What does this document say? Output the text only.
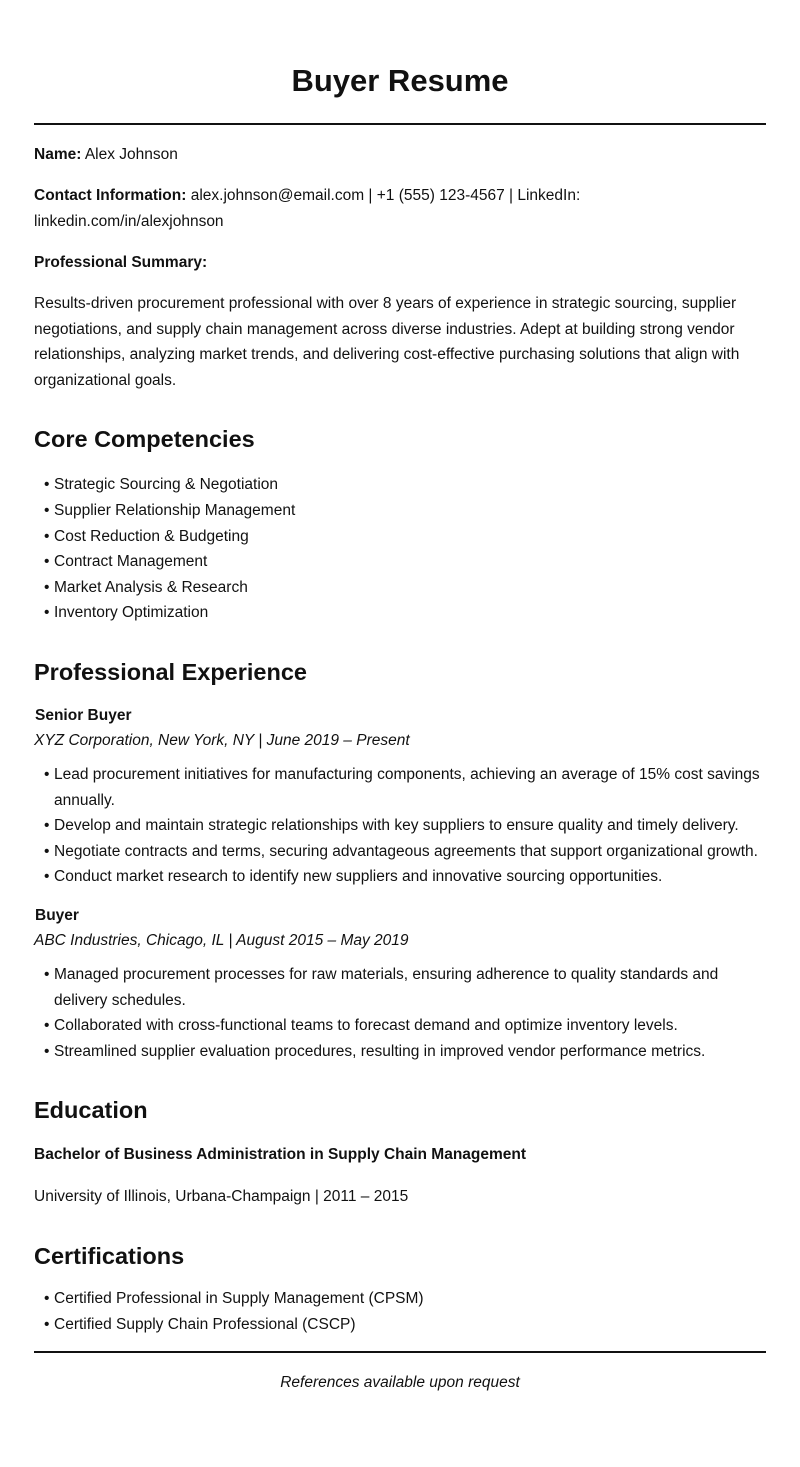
Buyer Resume

Name: Alex Johnson

Contact Information: alex.johnson@email.com | +1 (555) 123-4567 | LinkedIn: linkedin.com/in/alexjohnson

Professional Summary:

Results-driven procurement professional with over 8 years of experience in strategic sourcing, supplier negotiations, and supply chain management across diverse industries. Adept at building strong vendor relationships, analyzing market trends, and delivering cost-effective purchasing solutions that align with organizational goals.

Core Competencies
• Strategic Sourcing & Negotiation
• Supplier Relationship Management
• Cost Reduction & Budgeting
• Contract Management
• Market Analysis & Research
• Inventory Optimization
Professional Experience

Senior Buyer

XYZ Corporation, New York, NY | June 2019 – Present

• Lead procurement initiatives for manufacturing components, achieving an average of 15% cost savings annually.
• Develop and maintain strategic relationships with key suppliers to ensure quality and timely delivery.
• Negotiate contracts and terms, securing advantageous agreements that support organizational growth.
• Conduct market research to identify new suppliers and innovative sourcing opportunities.

Buyer

ABC Industries, Chicago, IL | August 2015 – May 2019

• Managed procurement processes for raw materials, ensuring adherence to quality standards and delivery schedules.
• Collaborated with cross-functional teams to forecast demand and optimize inventory levels.
• Streamlined supplier evaluation procedures, resulting in improved vendor performance metrics.
Education

Bachelor of Business Administration in Supply Chain Management

University of Illinois, Urbana-Champaign | 2011 – 2015

Certifications
• Certified Professional in Supply Management (CPSM)
• Certified Supply Chain Professional (CSCP)

References available upon request
